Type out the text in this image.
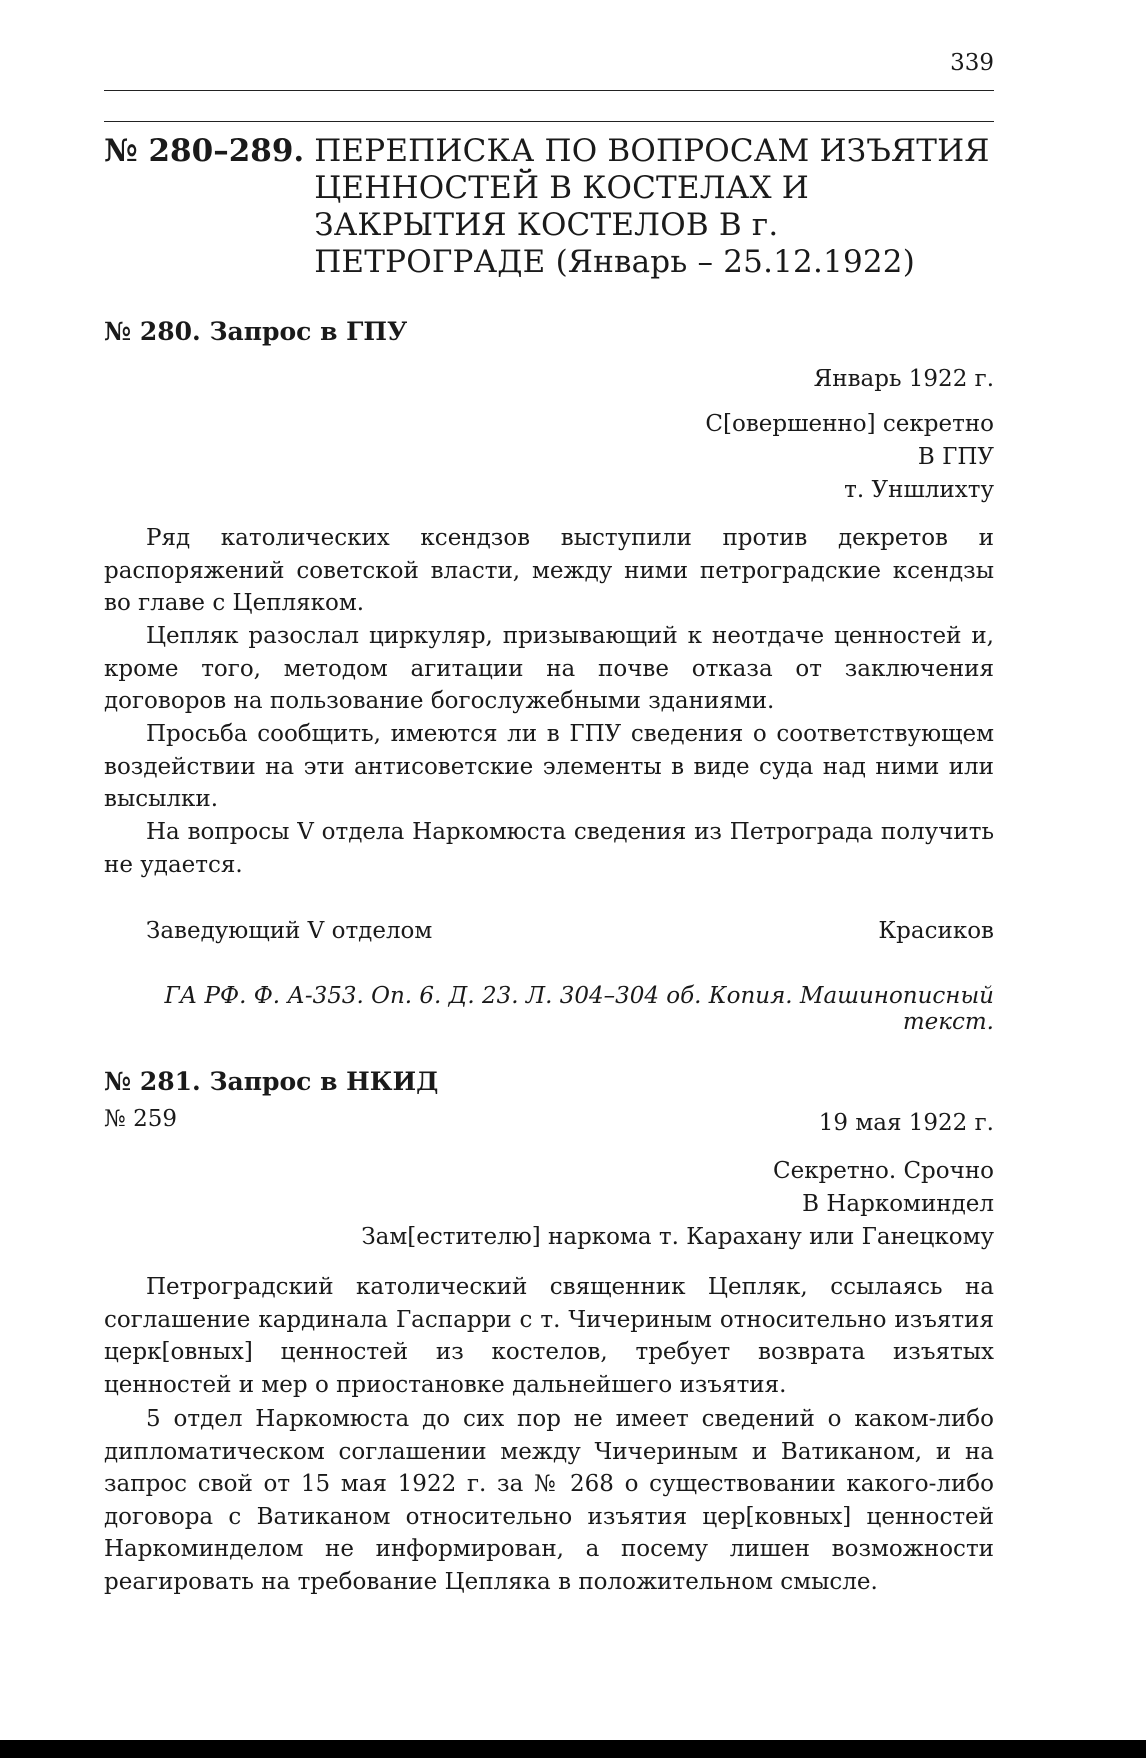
339
№ 280–289. ПЕРЕПИСКА ПО ВОПРОСАМ ИЗЪЯТИЯ ЦЕННОСТЕЙ В КОСТЕЛАХ И ЗАКРЫТИЯ КОСТЕЛОВ В г. ПЕТРОГРАДЕ (Январь – 25.12.1922)
№ 280. Запрос в ГПУ
Январь 1922 г.
С[овершенно] секретно
В ГПУ
т. Уншлихту

Ряд католических ксендзов выступили против декретов и распоряжений советской власти, между ними петроградские ксендзы во главе с Цепляком.

Цепляк разослал циркуляр, призывающий к неотдаче ценностей и, кроме того, методом агитации на почве отказа от заключения договоров на пользование богослужебными зданиями.

Просьба сообщить, имеются ли в ГПУ сведения о соответствующем воздействии на эти антисоветские элементы в виде суда над ними или высылки.

На вопросы V отдела Наркомюста сведения из Петрограда получить не удается.

Заведующий V отделом	Красиков
ГА РФ. Ф. А-353. Оп. 6. Д. 23. Л. 304–304 об. Копия. Машинописный текст.
№ 281. Запрос в НКИД
№ 259	19 мая 1922 г.
Секретно. Срочно
В Наркоминдел
Зам[естителю] наркома т. Карахану или Ганецкому

Петроградский католический священник Цепляк, ссылаясь на соглашение кардинала Гаспарри с т. Чичериным относительно изъятия церк[овных] ценностей из костелов, требует возврата изъятых ценностей и мер о приостановке дальнейшего изъятия.

5 отдел Наркомюста до сих пор не имеет сведений о каком-либо дипломатическом соглашении между Чичериным и Ватиканом, и на запрос свой от 15 мая 1922 г. за № 268 о существовании какого-либо договора с Ватиканом относительно изъятия цер[ковных] ценностей Наркоминделом не информирован, а посему лишен возможности реагировать на требование Цепляка в положительном смысле.
